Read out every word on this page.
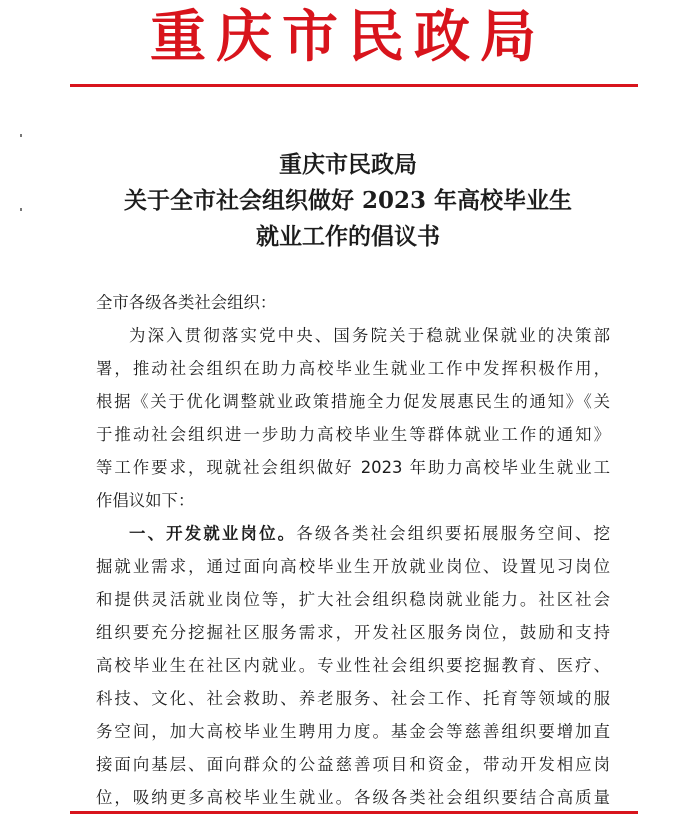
重庆市民政局
重庆市民政局
关于全市社会组织做好 2023 年高校毕业生
就业工作的倡议书
全市各级各类社会组织：
为深入贯彻落实党中央、国务院关于稳就业保就业的决策部
署，推动社会组织在助力高校毕业生就业工作中发挥积极作用，
根据《关于优化调整就业政策措施全力促发展惠民生的通知》《关
于推动社会组织进一步助力高校毕业生等群体就业工作的通知》
等工作要求，现就社会组织做好 2023 年助力高校毕业生就业工
作倡议如下：
一、开发就业岗位。各级各类社会组织要拓展服务空间、挖
掘就业需求，通过面向高校毕业生开放就业岗位、设置见习岗位
和提供灵活就业岗位等，扩大社会组织稳岗就业能力。社区社会
组织要充分挖掘社区服务需求，开发社区服务岗位，鼓励和支持
高校毕业生在社区内就业。专业性社会组织要挖掘教育、医疗、
科技、文化、社会救助、养老服务、社会工作、托育等领域的服
务空间，加大高校毕业生聘用力度。基金会等慈善组织要增加直
接面向基层、面向群众的公益慈善项目和资金，带动开发相应岗
位，吸纳更多高校毕业生就业。各级各类社会组织要结合高质量
